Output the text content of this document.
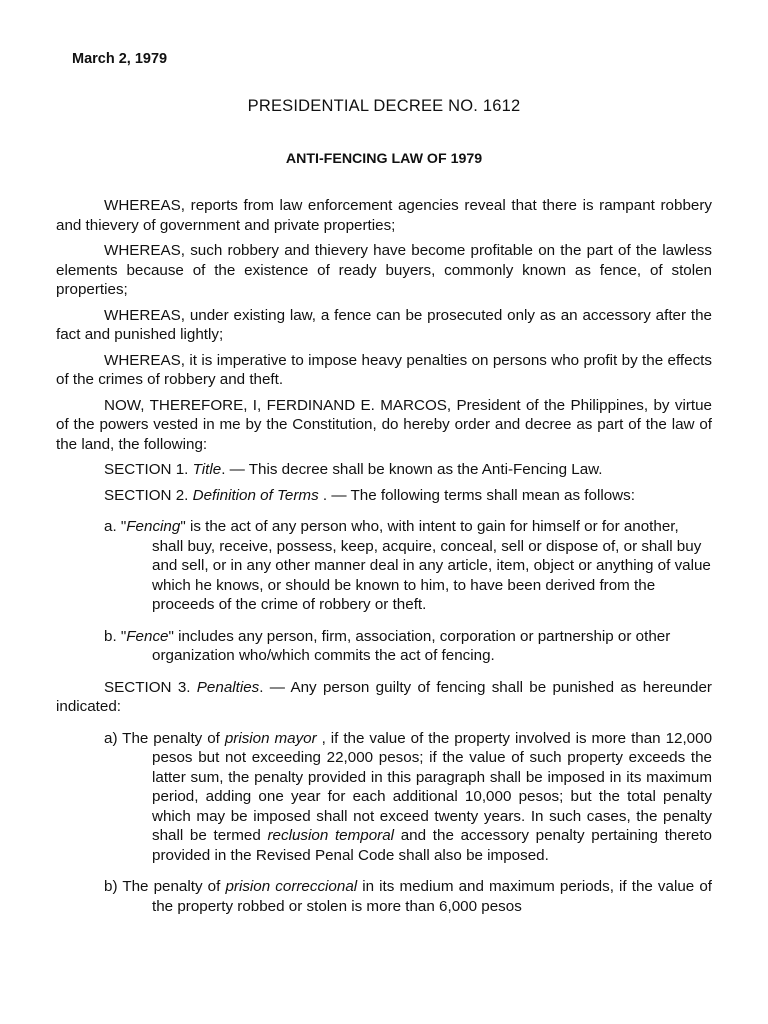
March 2, 1979
PRESIDENTIAL DECREE NO. 1612
ANTI-FENCING LAW OF 1979

WHEREAS, reports from law enforcement agencies reveal that there is rampant robbery and thievery of government and private properties;

WHEREAS, such robbery and thievery have become profitable on the part of the lawless elements because of the existence of ready buyers, commonly known as fence, of stolen properties;

WHEREAS, under existing law, a fence can be prosecuted only as an accessory after the fact and punished lightly;

WHEREAS, it is imperative to impose heavy penalties on persons who profit by the effects of the crimes of robbery and theft.

NOW, THEREFORE, I, FERDINAND E. MARCOS, President of the Philippines, by virtue of the powers vested in me by the Constitution, do hereby order and decree as part of the law of the land, the following:

SECTION 1. Title. — This decree shall be known as the Anti-Fencing Law.

SECTION 2. Definition of Terms . — The following terms shall mean as follows:

a. "Fencing" is the act of any person who, with intent to gain for himself or for another, shall buy, receive, possess, keep, acquire, conceal, sell or dispose of, or shall buy and sell, or in any other manner deal in any article, item, object or anything of value which he knows, or should be known to him, to have been derived from the proceeds of the crime of robbery or theft.
b. "Fence" includes any person, firm, association, corporation or partnership or other organization who/which commits the act of fencing.

SECTION 3. Penalties. — Any person guilty of fencing shall be punished as hereunder indicated:

a) The penalty of prision mayor , if the value of the property involved is more than 12,000 pesos but not exceeding 22,000 pesos; if the value of such property exceeds the latter sum, the penalty provided in this paragraph shall be imposed in its maximum period, adding one year for each additional 10,000 pesos; but the total penalty which may be imposed shall not exceed twenty years. In such cases, the penalty shall be termed reclusion temporal and the accessory penalty pertaining thereto provided in the Revised Penal Code shall also be imposed.
b) The penalty of prision correccional in its medium and maximum periods, if the value of the property robbed or stolen is more than 6,000 pesos
